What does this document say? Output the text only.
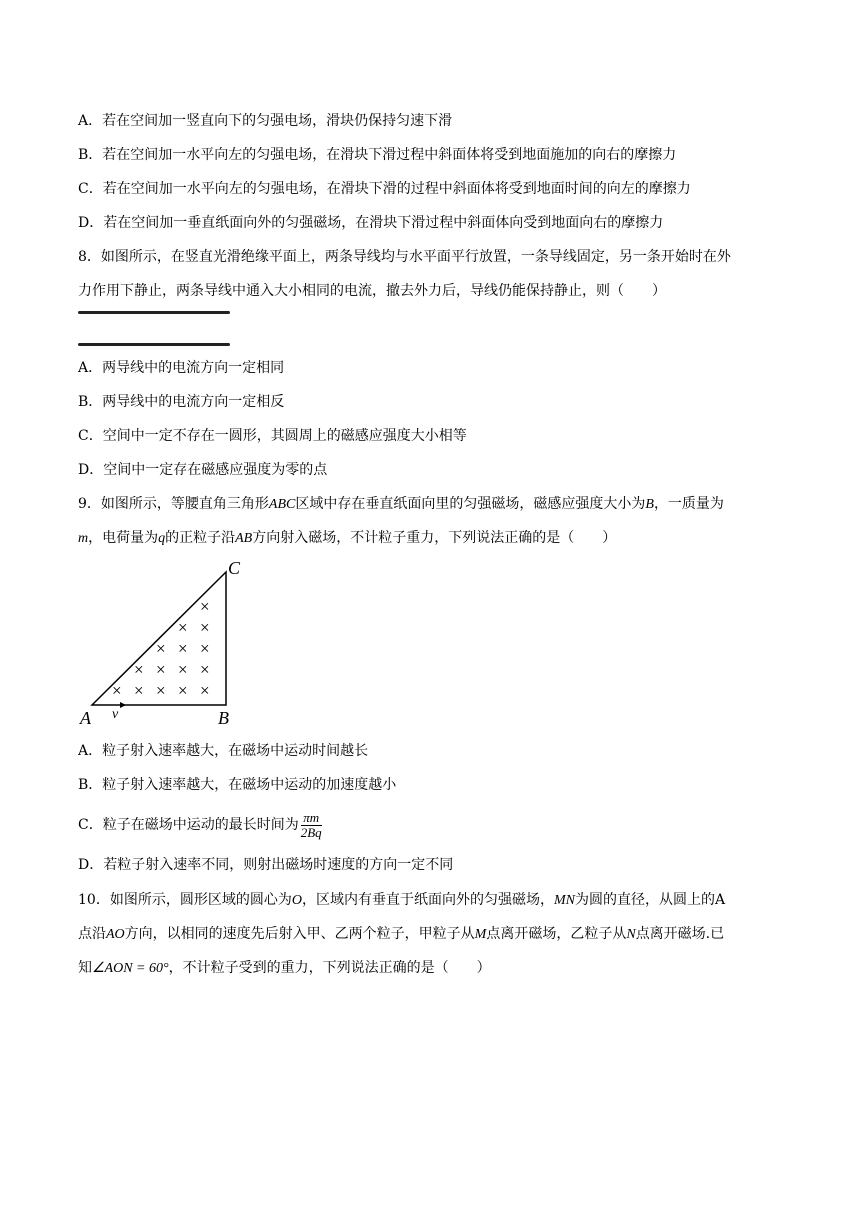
A．若在空间加一竖直向下的匀强电场，滑块仍保持匀速下滑
B．若在空间加一水平向左的匀强电场，在滑块下滑过程中斜面体将受到地面施加的向右的摩擦力
C．若在空间加一水平向左的匀强电场，在滑块下滑的过程中斜面体将受到地面时间的向左的摩擦力
D．若在空间加一垂直纸面向外的匀强磁场，在滑块下滑过程中斜面体向受到地面向右的摩擦力
8．如图所示，在竖直光滑绝缘平面上，两条导线均与水平面平行放置，一条导线固定，另一条开始时在外
力作用下静止，两条导线中通入大小相同的电流，撤去外力后，导线仍能保持静止，则（　　）
A．两导线中的电流方向一定相同
B．两导线中的电流方向一定相反
C．空间中一定不存在一圆形，其圆周上的磁感应强度大小相等
D．空间中一定存在磁感应强度为零的点
9．如图所示，等腰直角三角形ABC区域中存在垂直纸面向里的匀强磁场，磁感应强度大小为B，一质量为
m，电荷量为q的正粒子沿AB方向射入磁场，不计粒子重力，下列说法正确的是（　　）
×
× ×
× × ×
× × × ×
× × × × ×
A	B
C
v
A．粒子射入速率越大，在磁场中运动时间越长
B．粒子射入速率越大，在磁场中运动的加速度越小
C．粒子在磁场中运动的最长时间为 $\frac{\pi m}{2Bq}$
D．若粒子射入速率不同，则射出磁场时速度的方向一定不同
10．如图所示，圆形区域的圆心为O，区域内有垂直于纸面向外的匀强磁场，MN为圆的直径，从圆上的A
点沿AO方向，以相同的速度先后射入甲、乙两个粒子，甲粒子从M点离开磁场，乙粒子从N点离开磁场.已
知∠AON = 60°，不计粒子受到的重力，下列说法正确的是（　　）
